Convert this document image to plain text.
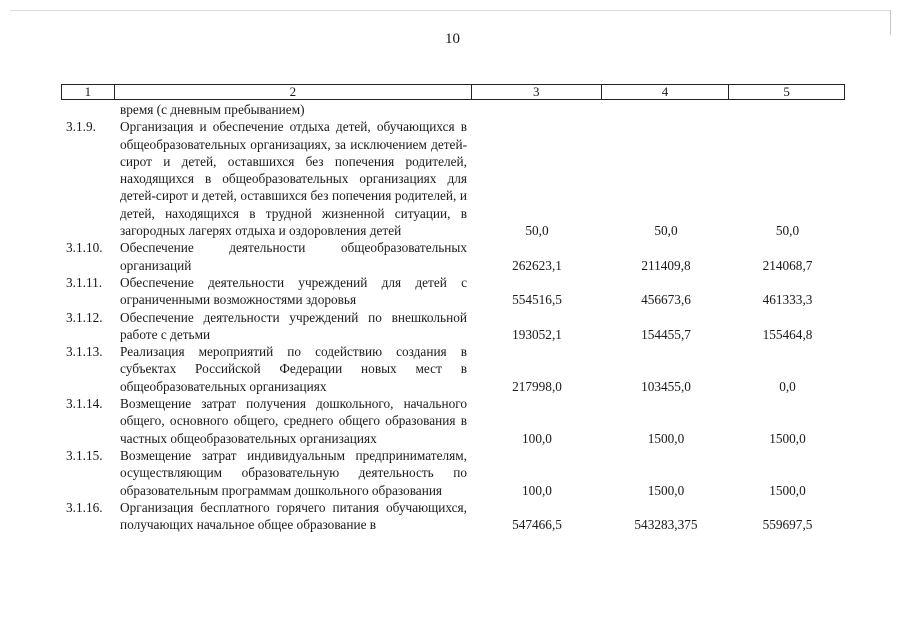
10
1	2	3	4	5
время (с дневным пребыванием)
3.1.9.	Организация и обеспечение отдыха детей, обучающихся в общеобразовательных организациях, за исключением детей-сирот и детей, оставшихся без попечения родителей, находящихся в общеобразовательных организациях для детей-сирот и детей, оставшихся без попечения родителей, и детей, находящихся в трудной жизненной ситуации, в загородных лагерях отдыха и оздоровления детей	50,0	50,0	50,0
3.1.10.	Обеспечение деятельности общеобразовательных организаций	262623,1	211409,8	214068,7
3.1.11.	Обеспечение деятельности учреждений для детей с ограниченными возможностями здоровья	554516,5	456673,6	461333,3
3.1.12.	Обеспечение деятельности учреждений по внешкольной работе с детьми	193052,1	154455,7	155464,8
3.1.13.	Реализация мероприятий по содействию создания в субъектах Российской Федерации новых мест в общеобразовательных организациях	217998,0	103455,0	0,0
3.1.14.	Возмещение затрат получения дошкольного, начального общего, основного общего, среднего общего образования в частных общеобразовательных организациях	100,0	1500,0	1500,0
3.1.15.	Возмещение затрат индивидуальным предпринимателям, осуществляющим образовательную деятельность по образовательным программам дошкольного образования	100,0	1500,0	1500,0
3.1.16.	Организация бесплатного горячего питания обучающихся, получающих начальное общее образование в	547466,5	543283,375	559697,5
